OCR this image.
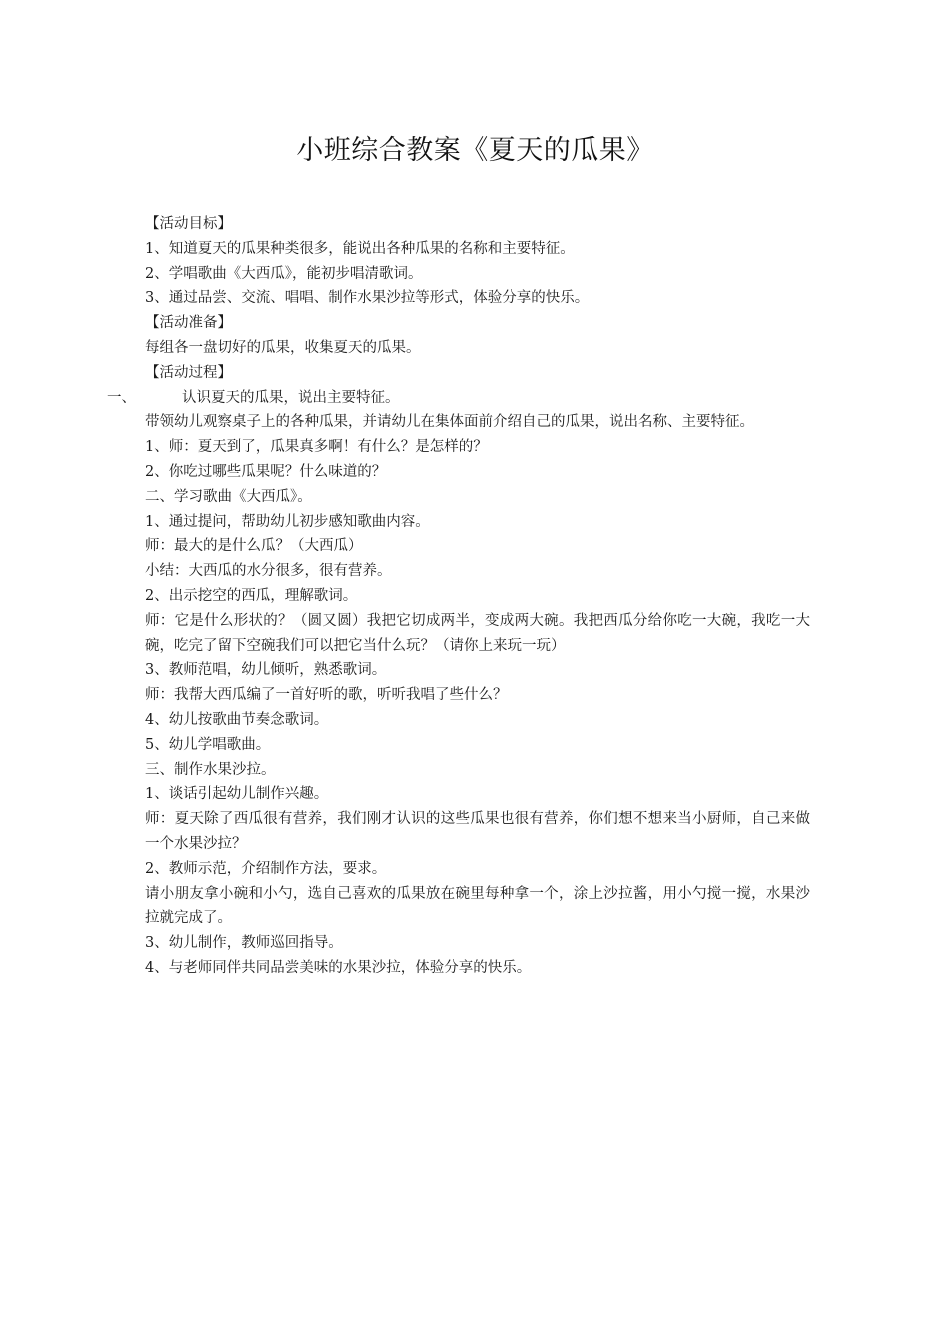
小班综合教案《夏天的瓜果》

【活动目标】

1、知道夏天的瓜果种类很多，能说出各种瓜果的名称和主要特征。

2、学唱歌曲《大西瓜》，能初步唱清歌词。

3、通过品尝、交流、唱唱、制作水果沙拉等形式，体验分享的快乐。

【活动准备】

每组各一盘切好的瓜果，收集夏天的瓜果。

【活动过程】

一、	认识夏天的瓜果，说出主要特征。

带领幼儿观察桌子上的各种瓜果，并请幼儿在集体面前介绍自己的瓜果，说出名称、主要特征。

1、师：夏天到了，瓜果真多啊！有什么？是怎样的？

2、你吃过哪些瓜果呢？什么味道的？

二、学习歌曲《大西瓜》。

1、通过提问，帮助幼儿初步感知歌曲内容。

师：最大的是什么瓜？（大西瓜）

小结：大西瓜的水分很多，很有营养。

2、出示挖空的西瓜，理解歌词。

师：它是什么形状的？（圆又圆）我把它切成两半，变成两大碗。我把西瓜分给你吃一大碗，我吃一大碗，吃完了留下空碗我们可以把它当什么玩？（请你上来玩一玩）

3、教师范唱，幼儿倾听，熟悉歌词。

师：我帮大西瓜编了一首好听的歌，听听我唱了些什么？

4、幼儿按歌曲节奏念歌词。

5、幼儿学唱歌曲。

三、制作水果沙拉。

1、谈话引起幼儿制作兴趣。

师：夏天除了西瓜很有营养，我们刚才认识的这些瓜果也很有营养，你们想不想来当小厨师，自己来做一个水果沙拉？

2、教师示范，介绍制作方法，要求。

请小朋友拿小碗和小勺，选自己喜欢的瓜果放在碗里每种拿一个，涂上沙拉酱，用小勺搅一搅，水果沙拉就完成了。

3、幼儿制作，教师巡回指导。

4、与老师同伴共同品尝美味的水果沙拉，体验分享的快乐。
